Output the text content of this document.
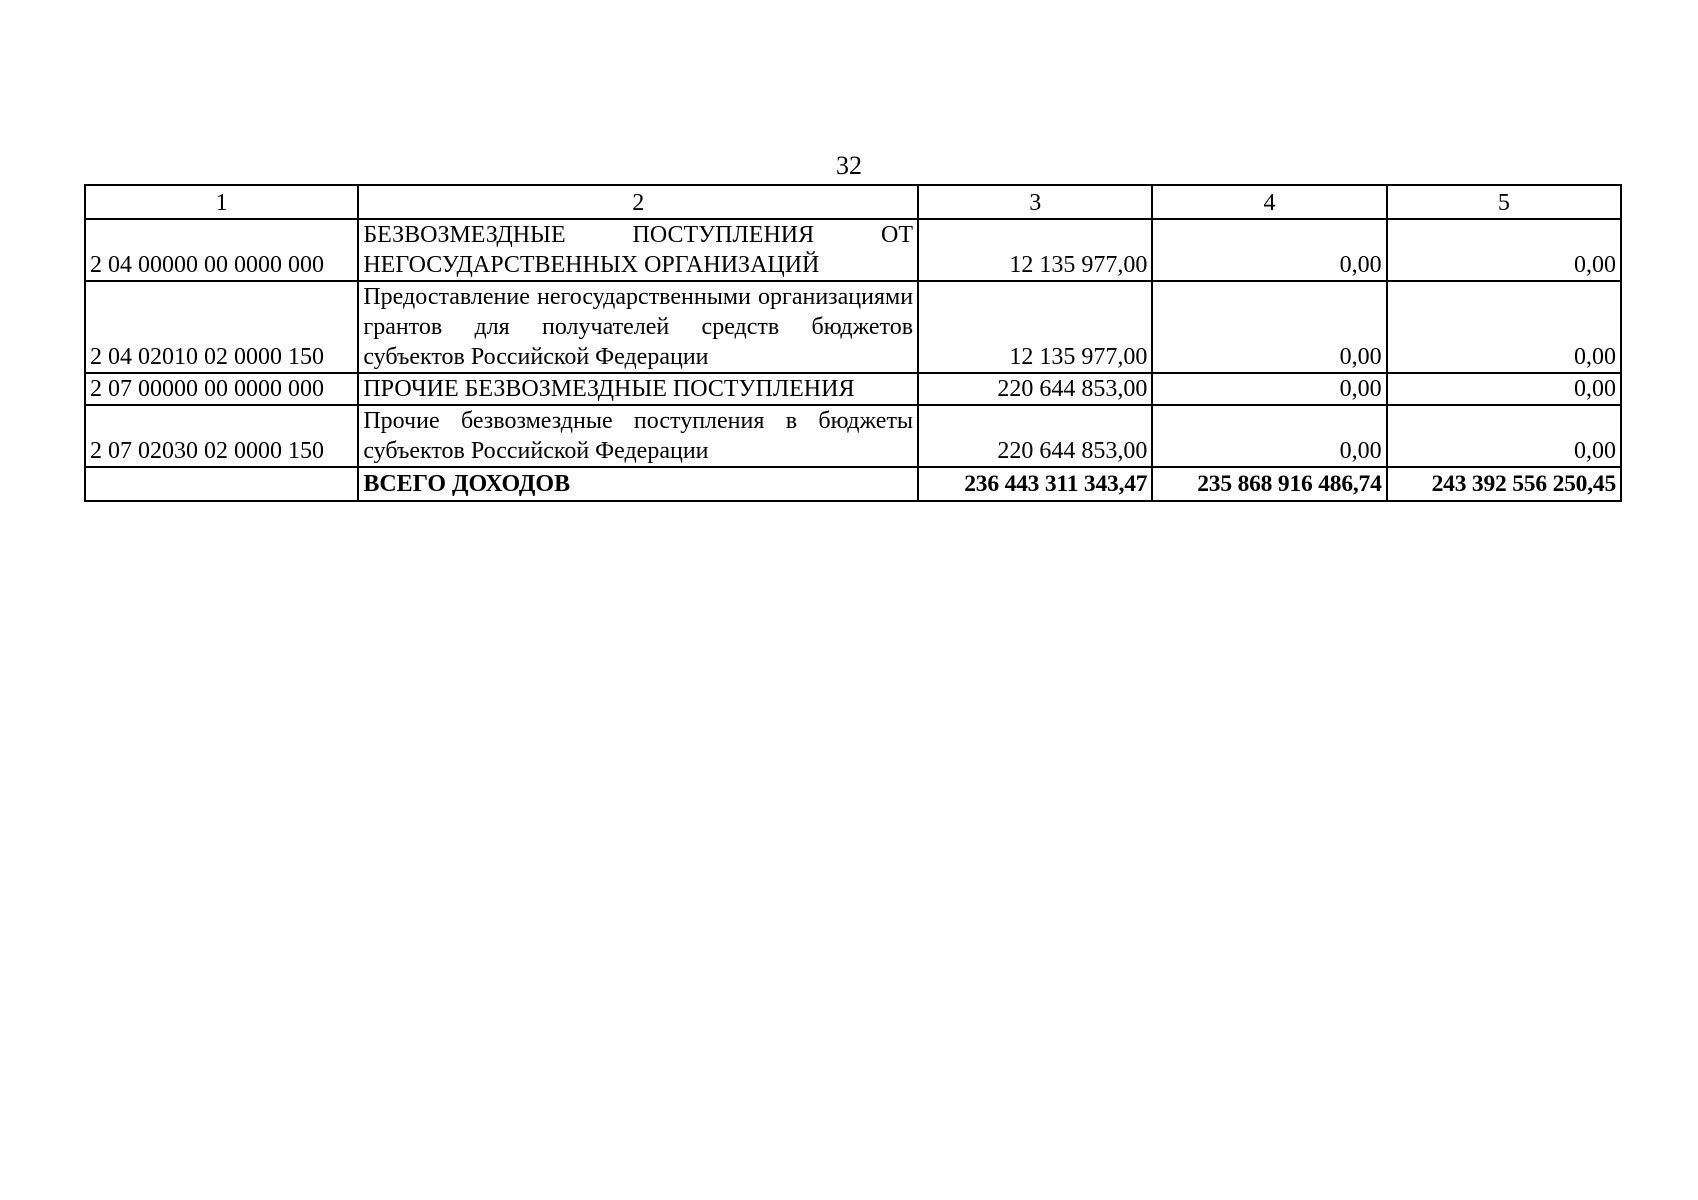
32
1	2	3	4	5
2 04 00000 00 0000 000	БЕЗВОЗМЕЗДНЫЕ ПОСТУПЛЕНИЯ ОТ НЕГОСУДАРСТВЕННЫХ ОРГАНИЗАЦИЙ	12 135 977,00	0,00	0,00
2 04 02010 02 0000 150	Предоставление негосударственными организациями грантов для получателей средств бюджетов субъектов Российской Федерации	12 135 977,00	0,00	0,00
2 07 00000 00 0000 000	ПРОЧИЕ БЕЗВОЗМЕЗДНЫЕ ПОСТУПЛЕНИЯ	220 644 853,00	0,00	0,00
2 07 02030 02 0000 150	Прочие безвозмездные поступления в бюджеты субъектов Российской Федерации	220 644 853,00	0,00	0,00
	ВСЕГО ДОХОДОВ	236 443 311 343,47	235 868 916 486,74	243 392 556 250,45
